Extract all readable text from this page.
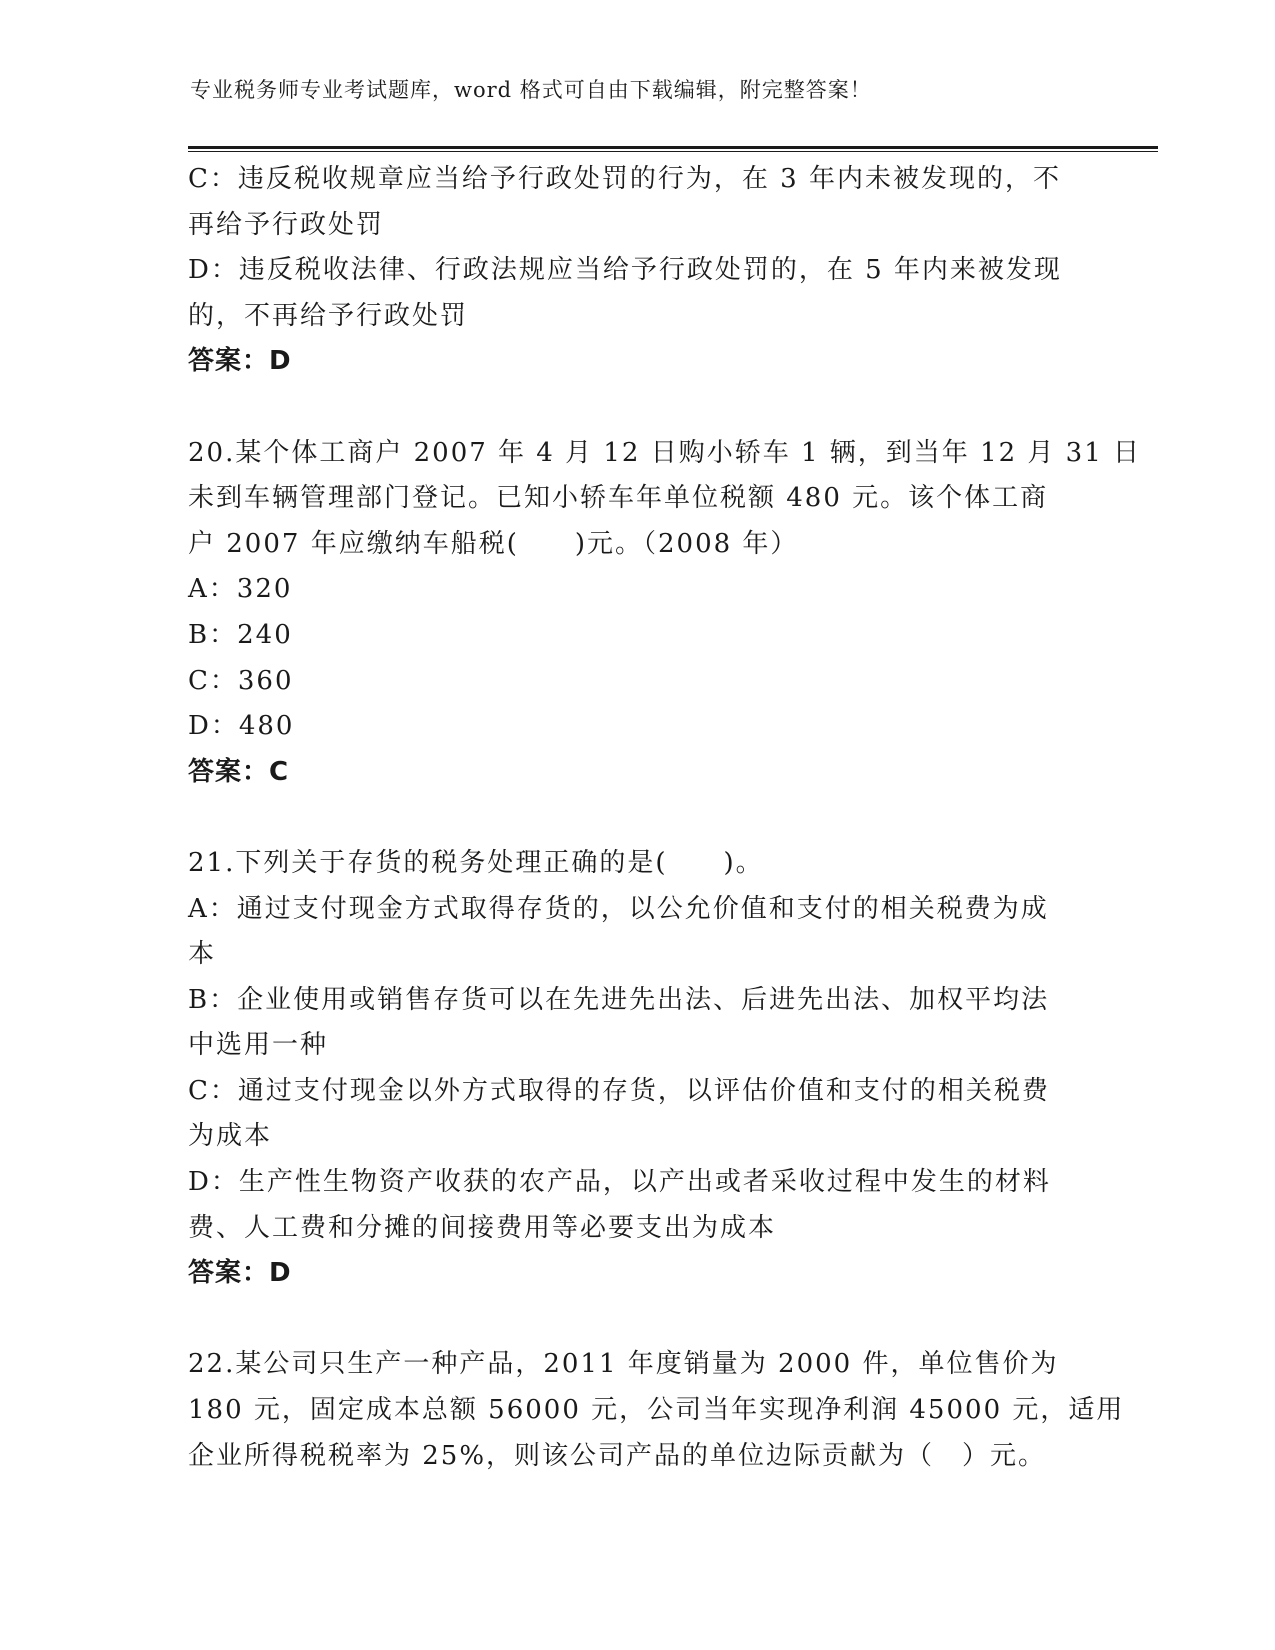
专业税务师专业考试题库，word 格式可自由下载编辑，附完整答案！
C：违反税收规章应当给予行政处罚的行为，在 3 年内未被发现的，不
再给予行政处罚
D：违反税收法律、行政法规应当给予行政处罚的，在 5 年内来被发现
的，不再给予行政处罚
答案：D
20.某个体工商户 2007 年 4 月 12 日购小轿车 1 辆，到当年 12 月 31 日
未到车辆管理部门登记。已知小轿车年单位税额 480 元。该个体工商
户 2007 年应缴纳车船税(　　)元。（2008 年）
A：320
B：240
C：360
D：480
答案：C
21.下列关于存货的税务处理正确的是(　　)。
A：通过支付现金方式取得存货的，以公允价值和支付的相关税费为成
本
B：企业使用或销售存货可以在先进先出法、后进先出法、加权平均法
中选用一种
C：通过支付现金以外方式取得的存货，以评估价值和支付的相关税费
为成本
D：生产性生物资产收获的农产品，以产出或者采收过程中发生的材料
费、人工费和分摊的间接费用等必要支出为成本
答案：D
22.某公司只生产一种产品，2011 年度销量为 2000 件，单位售价为
180 元，固定成本总额 56000 元，公司当年实现净利润 45000 元，适用
企业所得税税率为 25%，则该公司产品的单位边际贡献为（　）元。
